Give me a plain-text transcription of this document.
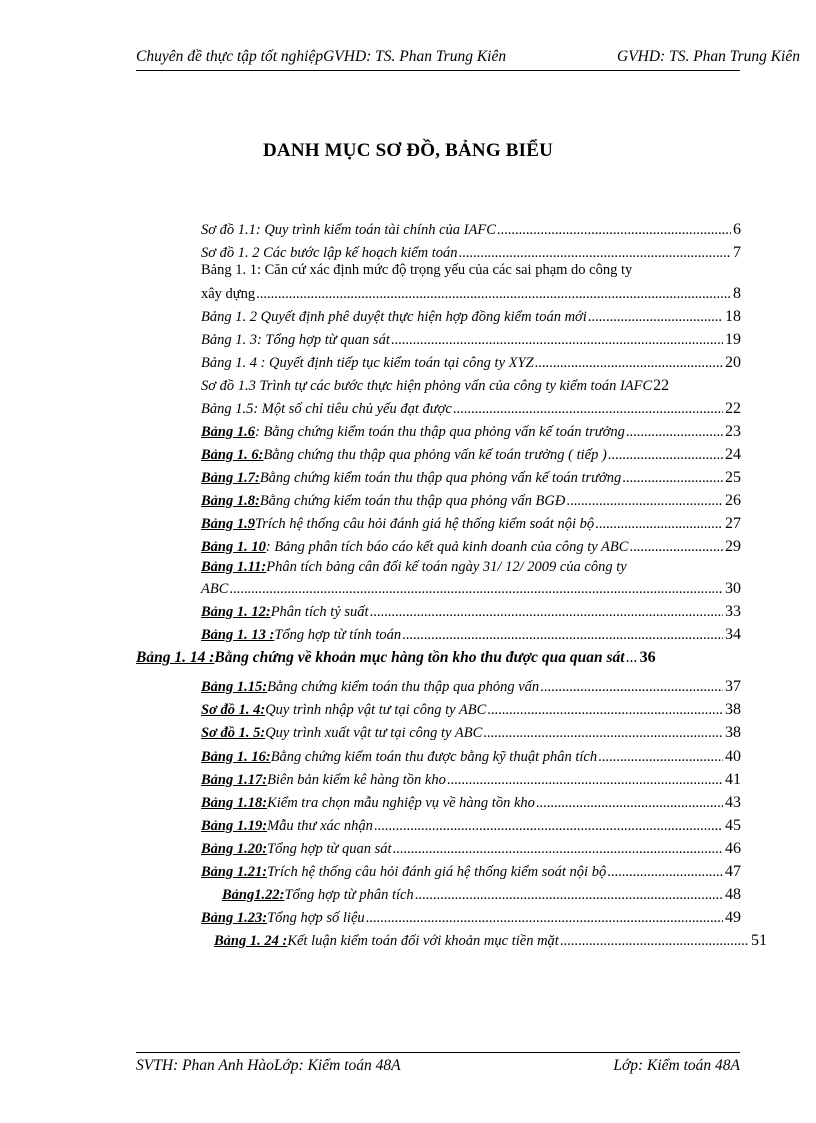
Chuyên đề thực tập tốt nghiệpGVHD: TS. Phan Trung Kiên	GVHD: TS. Phan Trung Kiên
DANH MỤC SƠ ĐỒ, BẢNG BIỂU
Sơ đồ 1.1: Quy trình kiểm toán tài chính của IAFC .....	6
Sơ đồ 1. 2 Các bước lập kế hoạch kiểm toán .....	7
Bảng 1. 1: Căn cứ xác định mức độ trọng yếu của các sai phạm do công ty
xây dựng .....	8
Bảng 1. 2 Quyết định phê duyệt thực hiện hợp đồng kiểm toán mới .....	18
Bảng 1. 3: Tổng hợp từ quan sát .....	19
Bảng 1. 4 : Quyết định tiếp tục kiểm toán tại công ty XYZ .....	20
Sơ đồ 1.3 Trình tự các bước thực hiện phỏng vấn của công ty kiểm toán IAFC 22
Bảng 1.5: Một số chỉ tiêu chủ yếu đạt được .....	22
Bảng 1.6 : Bằng chứng kiểm toán thu thập qua phỏng vấn kế toán trưởng .....	23
Bảng 1. 6: Bằng chứng thu thập qua phỏng vấn kế toán trưởng ( tiếp ) .....	24
Bảng 1.7: Bằng chứng kiểm toán thu thập qua phỏng vấn kế toán trưởng .....	25
Bảng 1.8: Bằng chứng kiểm toán thu thập qua phỏng vấn BGĐ .....	26
Bảng 1.9 Trích hệ thống câu hỏi đánh giá hệ thống kiểm soát nội bộ .....	27
Bảng 1. 10 : Bảng phân tích báo cáo kết quả kinh doanh của công ty ABC .....	29
Bảng 1.11: Phân tích bảng cân đối kế toán ngày 31/ 12/ 2009 của công ty
ABC .....	30
Bảng 1. 12: Phân tích tỷ suất .....	33
Bảng 1. 13 : Tổng hợp từ tính toán .....	34
Bảng 1. 14 : Bằng chứng về khoản mục hàng tồn kho thu được qua quan sát ..... 36
Bảng 1.15: Bằng chứng kiểm toán thu thập qua phỏng vấn .....	37
Sơ đồ 1. 4: Quy trình nhập vật tư tại công ty ABC .....	38
Sơ đồ 1. 5: Quy trình xuất vật tư tại công ty ABC .....	38
Bảng 1. 16: Bằng chứng kiểm toán thu được bằng kỹ thuật phân tích .....	40
Bảng 1.17: Biên bản kiểm kê hàng tồn kho .....	41
Bảng 1.18: Kiểm tra chọn mẫu nghiệp vụ về hàng tồn kho .....	43
Bảng 1.19: Mẫu thư xác nhận .....	45
Bảng 1.20: Tổng hợp từ quan sát .....	46
Bảng 1.21: Trích hệ thống câu hỏi đánh giá hệ thống kiểm soát nội bộ .....	47
Bảng1.22: Tổng hợp từ phân tích .....	48
Bảng 1.23: Tổng hợp số liệu .....	49
Bảng 1. 24 : Kết luận kiểm toán đối với khoản mục tiền mặt .....	51
SVTH: Phan Anh HàoLớp: Kiểm toán 48A	Lớp: Kiểm toán 48A
